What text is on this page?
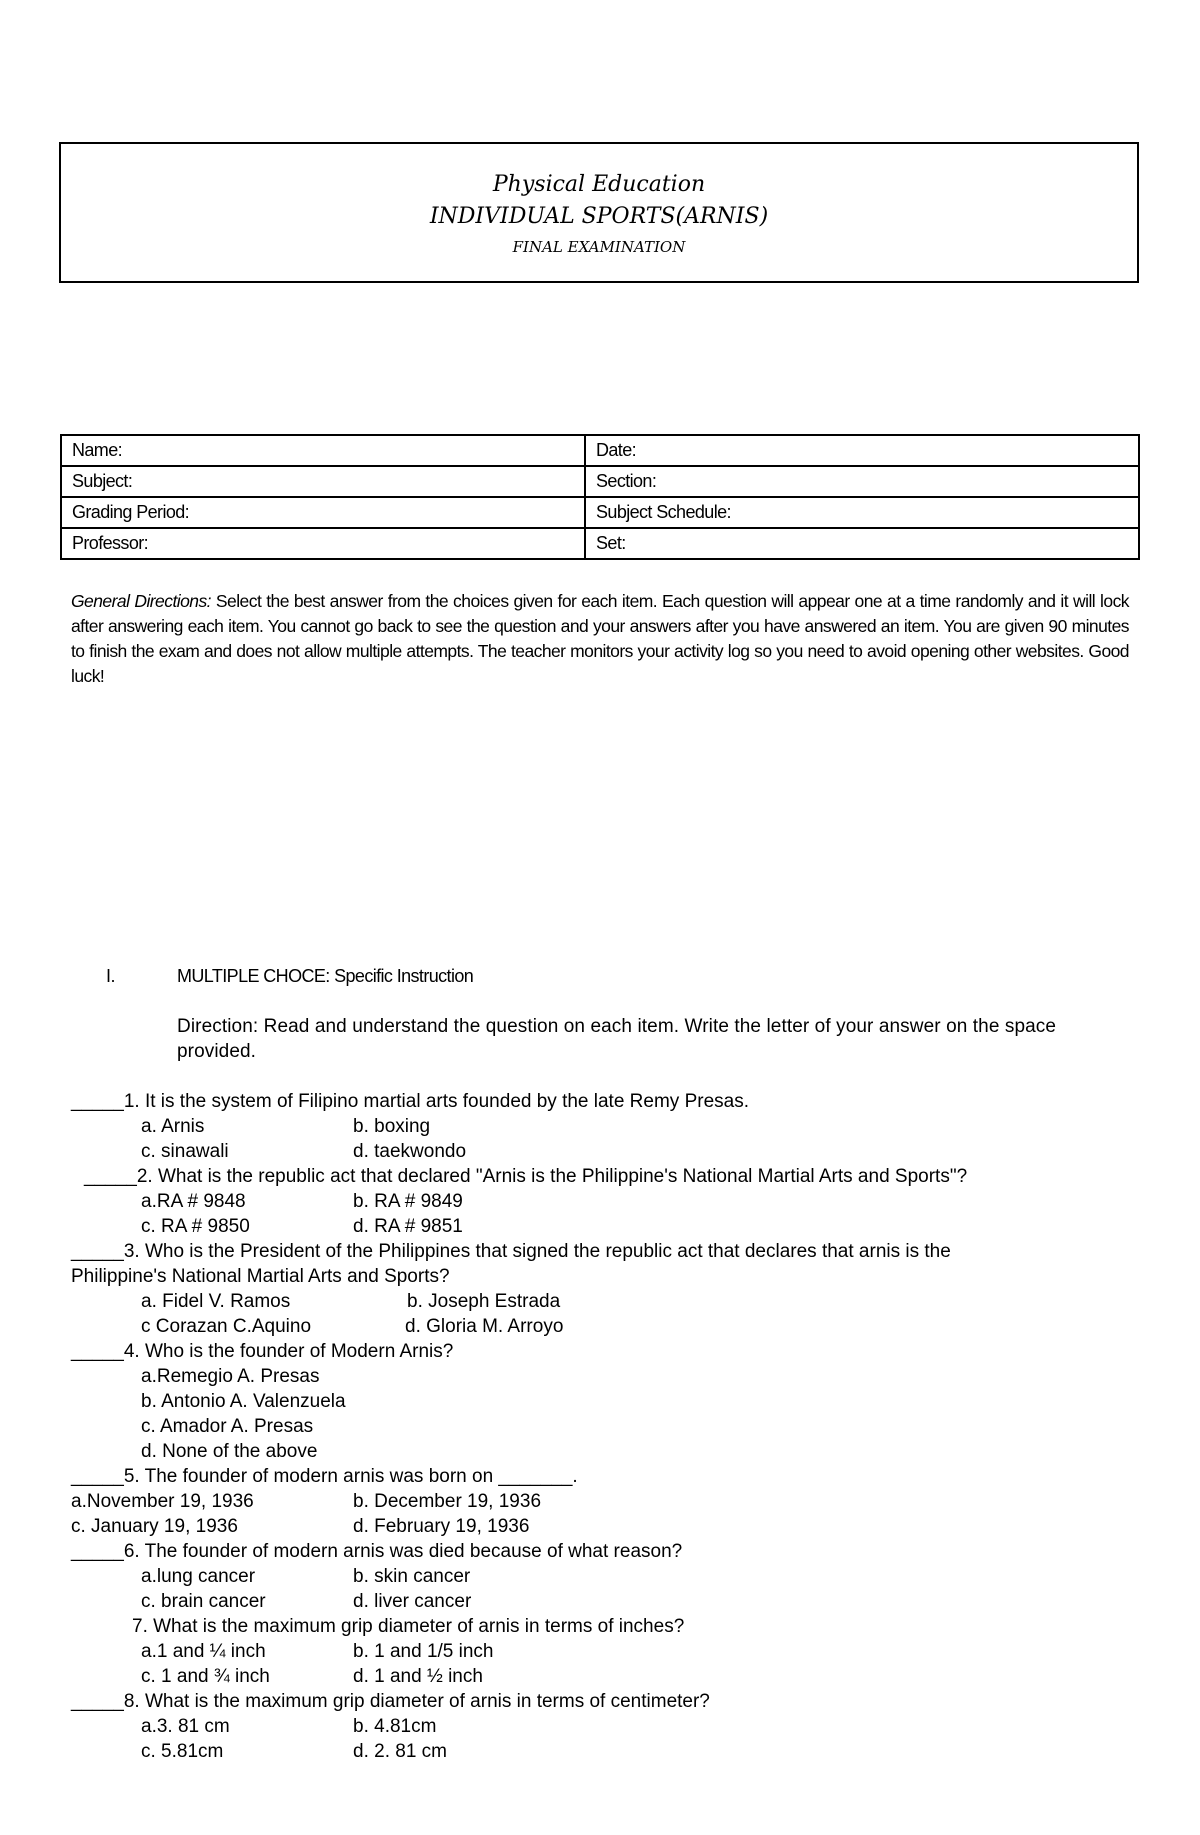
Physical Education
INDIVIDUAL SPORTS(ARNIS)
FINAL EXAMINATION
Name:	Date:
Subject:	Section:
Grading Period:	Subject Schedule:
Professor:	Set:
General Directions: Select the best answer from the choices given for each item. Each question will appear one at a time randomly and it will lock after answering each item. You cannot go back to see the question and your answers after you have answered an item. You are given 90 minutes to finish the exam and does not allow multiple attempts. The teacher monitors your activity log so you need to avoid opening other websites. Good luck!
I.	MULTIPLE CHOCE: Specific Instruction
Direction: Read and understand the question on each item. Write the letter of your answer on the space provided.
_____1. It is the system of Filipino martial arts founded by the late Remy Presas.
a. Arnis	b. boxing
c. sinawali	d. taekwondo
_____2. What is the republic act that declared "Arnis is the Philippine's National Martial Arts and Sports"?
a.RA # 9848	b. RA # 9849
c. RA # 9850	d. RA # 9851
_____3. Who is the President of the Philippines that signed the republic act that declares that arnis is the
Philippine's National Martial Arts and Sports?
a. Fidel V. Ramos	b. Joseph Estrada
c Corazan C.Aquino	d. Gloria M. Arroyo
_____4. Who is the founder of Modern Arnis?
a.Remegio A. Presas
b. Antonio A. Valenzuela
c. Amador A. Presas
d. None of the above
_____5. The founder of modern arnis was born on _______.
a.November 19, 1936	b. December 19, 1936
c. January 19, 1936	d. February 19, 1936
_____6. The founder of modern arnis was died because of what reason?
a.lung cancer	b. skin cancer
c. brain cancer	d. liver cancer
7. What is the maximum grip diameter of arnis in terms of inches?
a.1 and ¼ inch	b. 1 and 1/5 inch
c. 1 and ¾ inch	d. 1 and ½ inch
_____8. What is the maximum grip diameter of arnis in terms of centimeter?
a.3. 81 cm	b. 4.81cm
c. 5.81cm	d. 2. 81 cm
